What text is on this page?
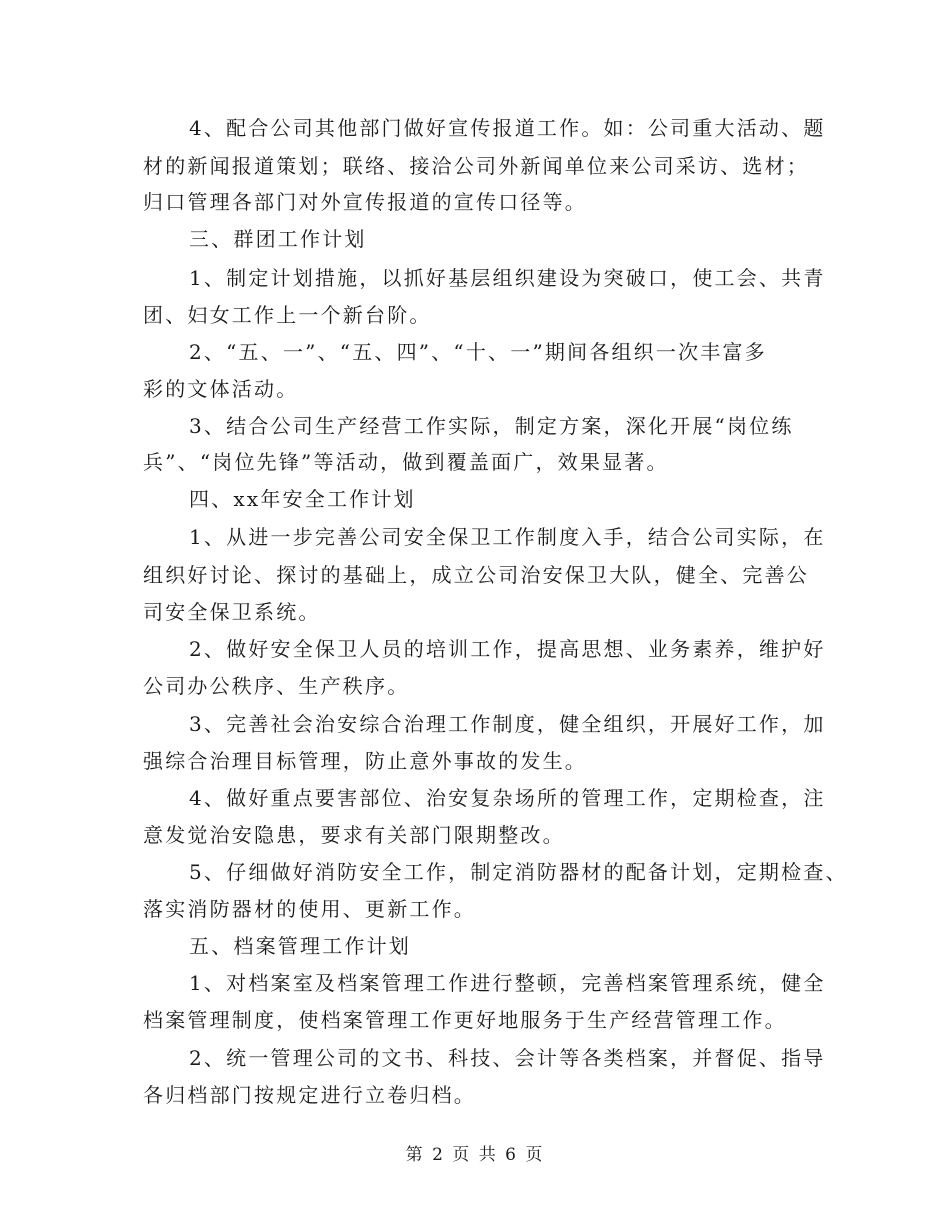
4、配合公司其他部门做好宣传报道工作。如：公司重大活动、题
材的新闻报道策划；联络、接洽公司外新闻单位来公司采访、选材；
归口管理各部门对外宣传报道的宣传口径等。
三、群团工作计划
1、制定计划措施，以抓好基层组织建设为突破口，使工会、共青
团、妇女工作上一个新台阶。
2、“五、一”、“五、四”、“十、一”期间各组织一次丰富多
彩的文体活动。
3、结合公司生产经营工作实际，制定方案，深化开展“岗位练
兵”、“岗位先锋”等活动，做到覆盖面广，效果显著。
四、xx年安全工作计划
1、从进一步完善公司安全保卫工作制度入手，结合公司实际，在
组织好讨论、探讨的基础上，成立公司治安保卫大队，健全、完善公
司安全保卫系统。
2、做好安全保卫人员的培训工作，提高思想、业务素养，维护好
公司办公秩序、生产秩序。
3、完善社会治安综合治理工作制度，健全组织，开展好工作，加
强综合治理目标管理，防止意外事故的发生。
4、做好重点要害部位、治安复杂场所的管理工作，定期检查，注
意发觉治安隐患，要求有关部门限期整改。
5、仔细做好消防安全工作，制定消防器材的配备计划，定期检查、
落实消防器材的使用、更新工作。
五、档案管理工作计划
1、对档案室及档案管理工作进行整顿，完善档案管理系统，健全
档案管理制度，使档案管理工作更好地服务于生产经营管理工作。
2、统一管理公司的文书、科技、会计等各类档案，并督促、指导
各归档部门按规定进行立卷归档。
第 2 页 共 6 页
